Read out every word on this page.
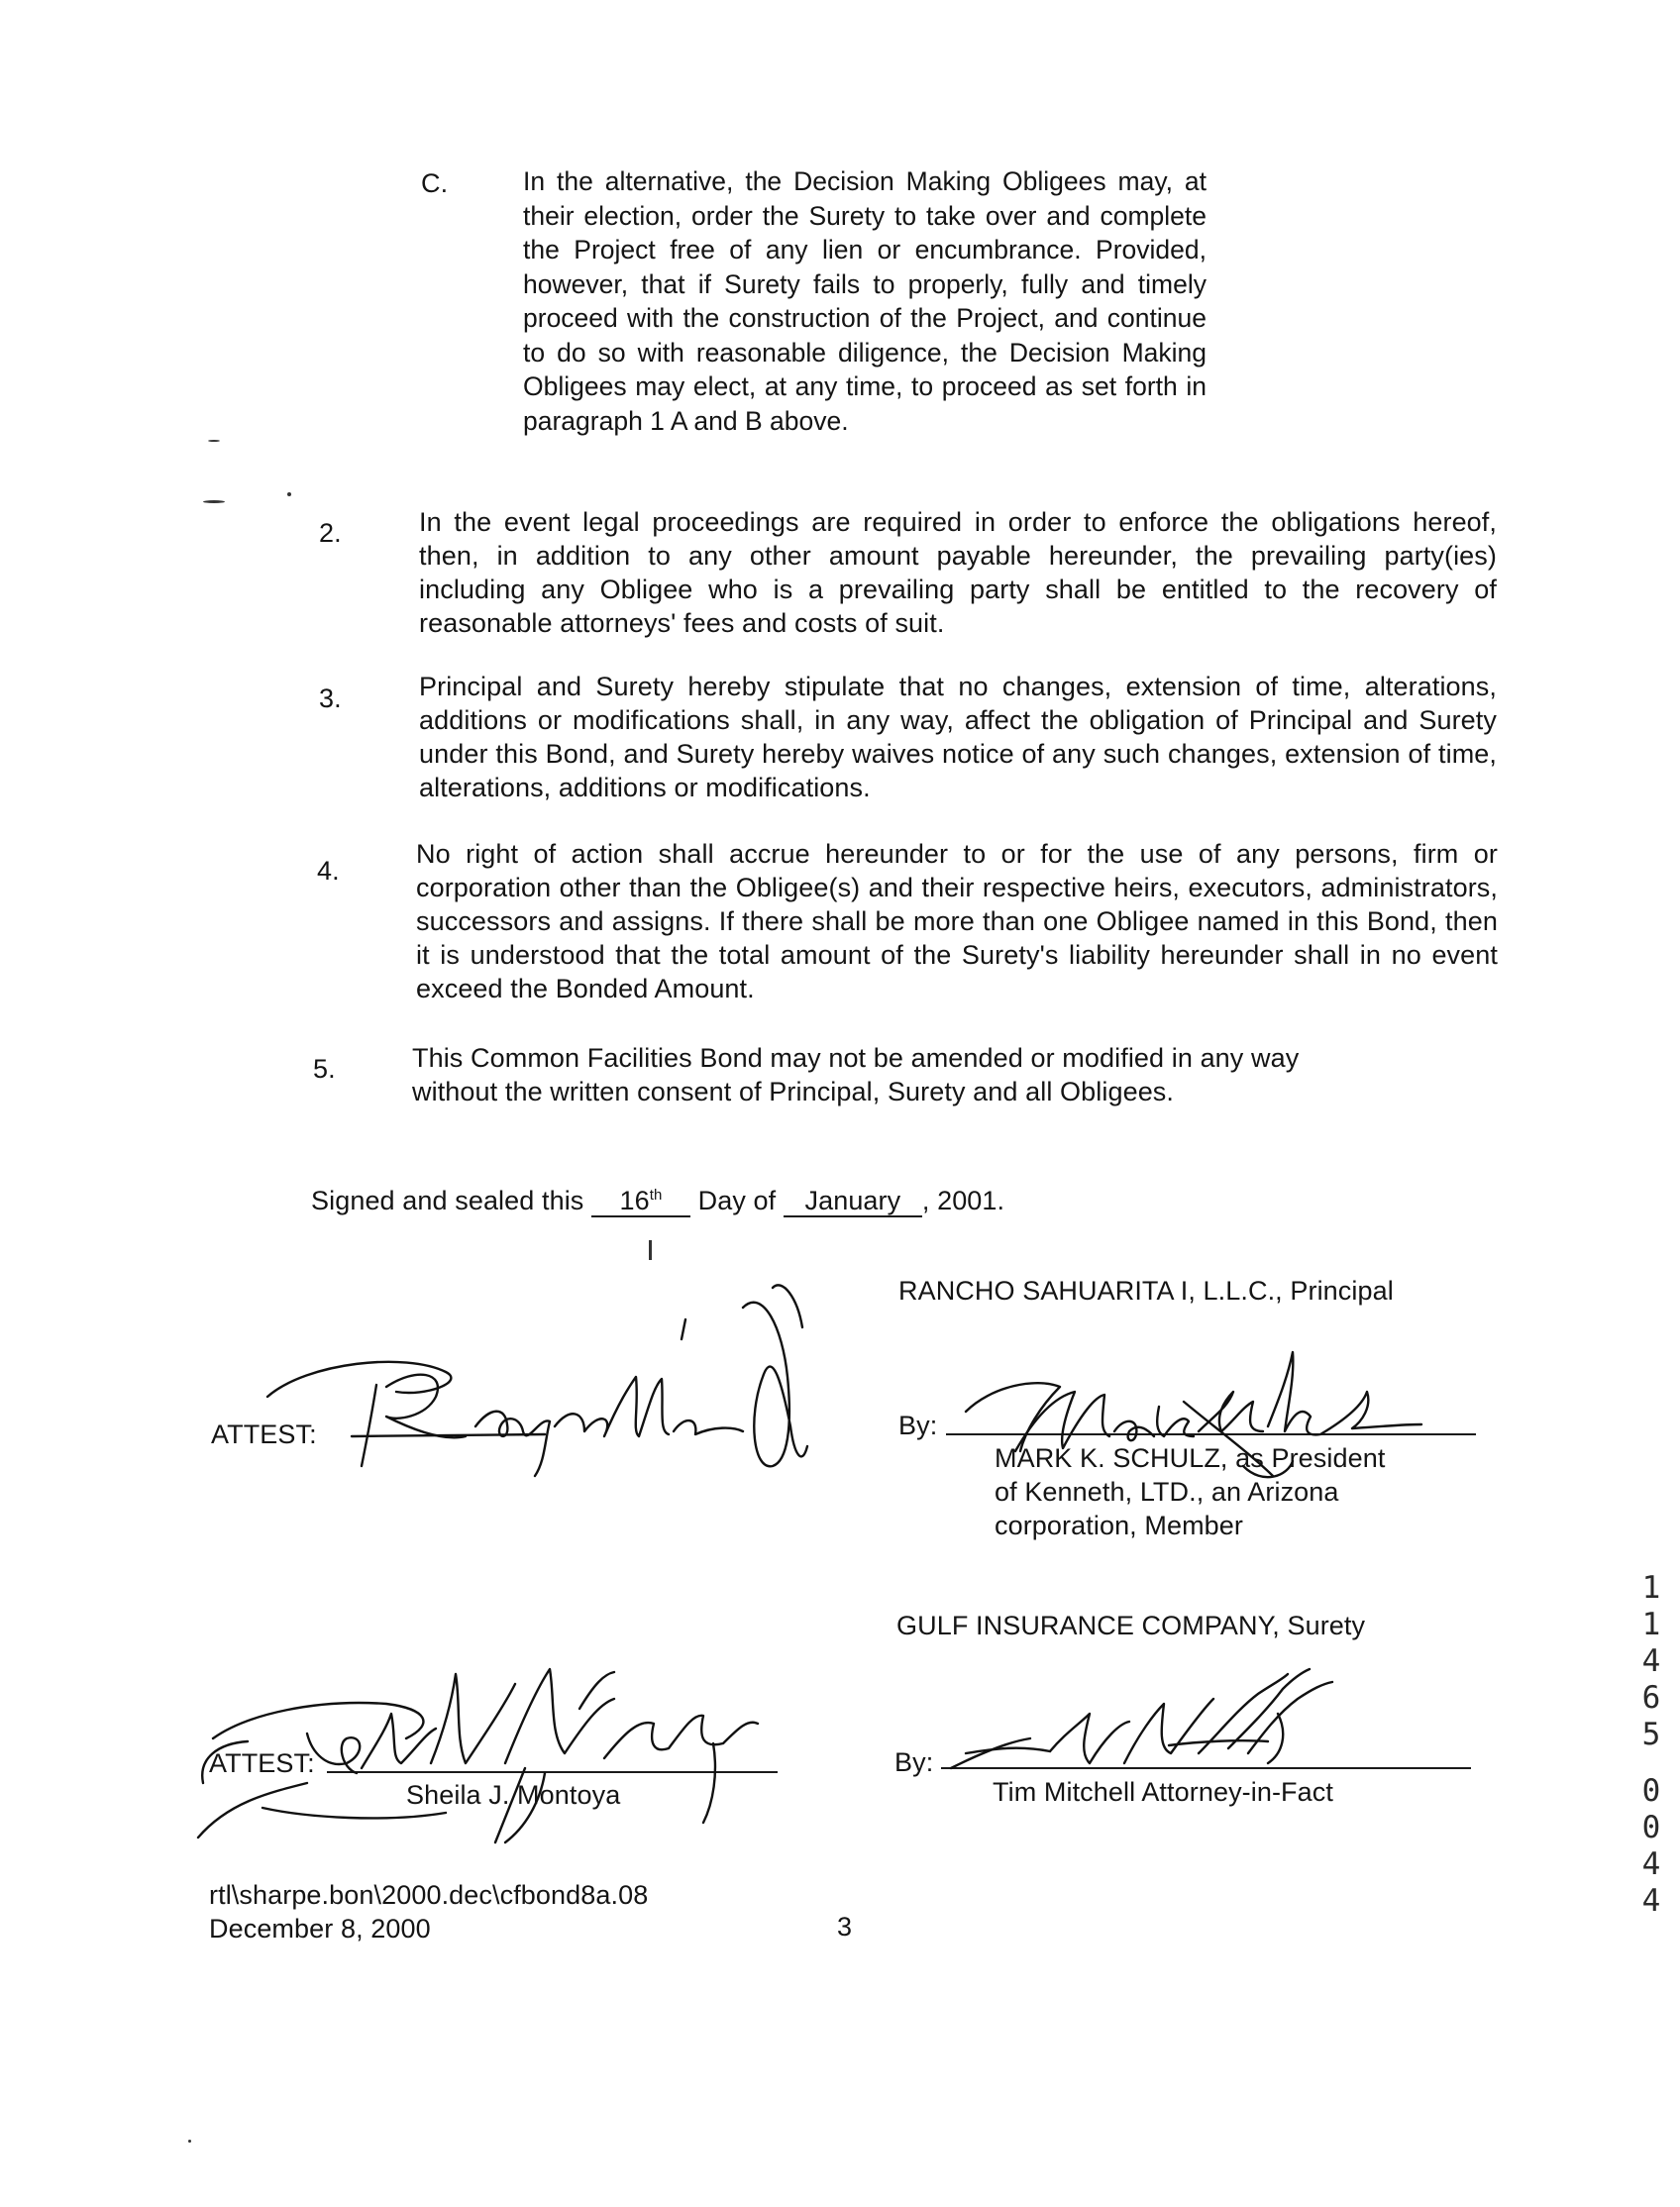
C.	In the alternative, the Decision Making Obligees may, at their election, order the Surety to take over and complete the Project free of any lien or encumbrance. Provided, however, that if Surety fails to properly, fully and timely proceed with the construction of the Project, and continue to do so with reasonable diligence, the Decision Making Obligees may elect, at any time, to proceed as set forth in paragraph 1 A and B above.
2.	In the event legal proceedings are required in order to enforce the obligations hereof, then, in addition to any other amount payable hereunder, the prevailing party(ies) including any Obligee who is a prevailing party shall be entitled to the recovery of reasonable attorneys' fees and costs of suit.
3.	Principal and Surety hereby stipulate that no changes, extension of time, alterations, additions or modifications shall, in any way, affect the obligation of Principal and Surety under this Bond, and Surety hereby waives notice of any such changes, extension of time, alterations, additions or modifications.
4.
No right of action shall accrue hereunder to or for the use of any persons, firm or corporation other than the Obligee(s) and their respective heirs, executors, administrators, successors and assigns. If there shall be more than one Obligee named in this Bond, then it is understood that the total amount of the Surety's liability hereunder shall in no event exceed the Bonded Amount.
5.	This Common Facilities Bond may not be amended or modified in any way without the written consent of Principal, Surety and all Obligees.
Signed and sealed this 16th Day of January , 2001.
RANCHO SAHUARITA I, L.L.C., Principal
By:
MARK K. SCHULZ, as President
of Kenneth, LTD., an Arizona
corporation, Member
ATTEST:
GULF INSURANCE COMPANY, Surety
By:
Tim Mitchell Attorney-in-Fact
ATTEST:
Sheila J. Montoya
rtl\sharpe.bon\2000.dec\cfbond8a.08
December 8, 2000	3
1
1
4
6
5
0
0
4
4
